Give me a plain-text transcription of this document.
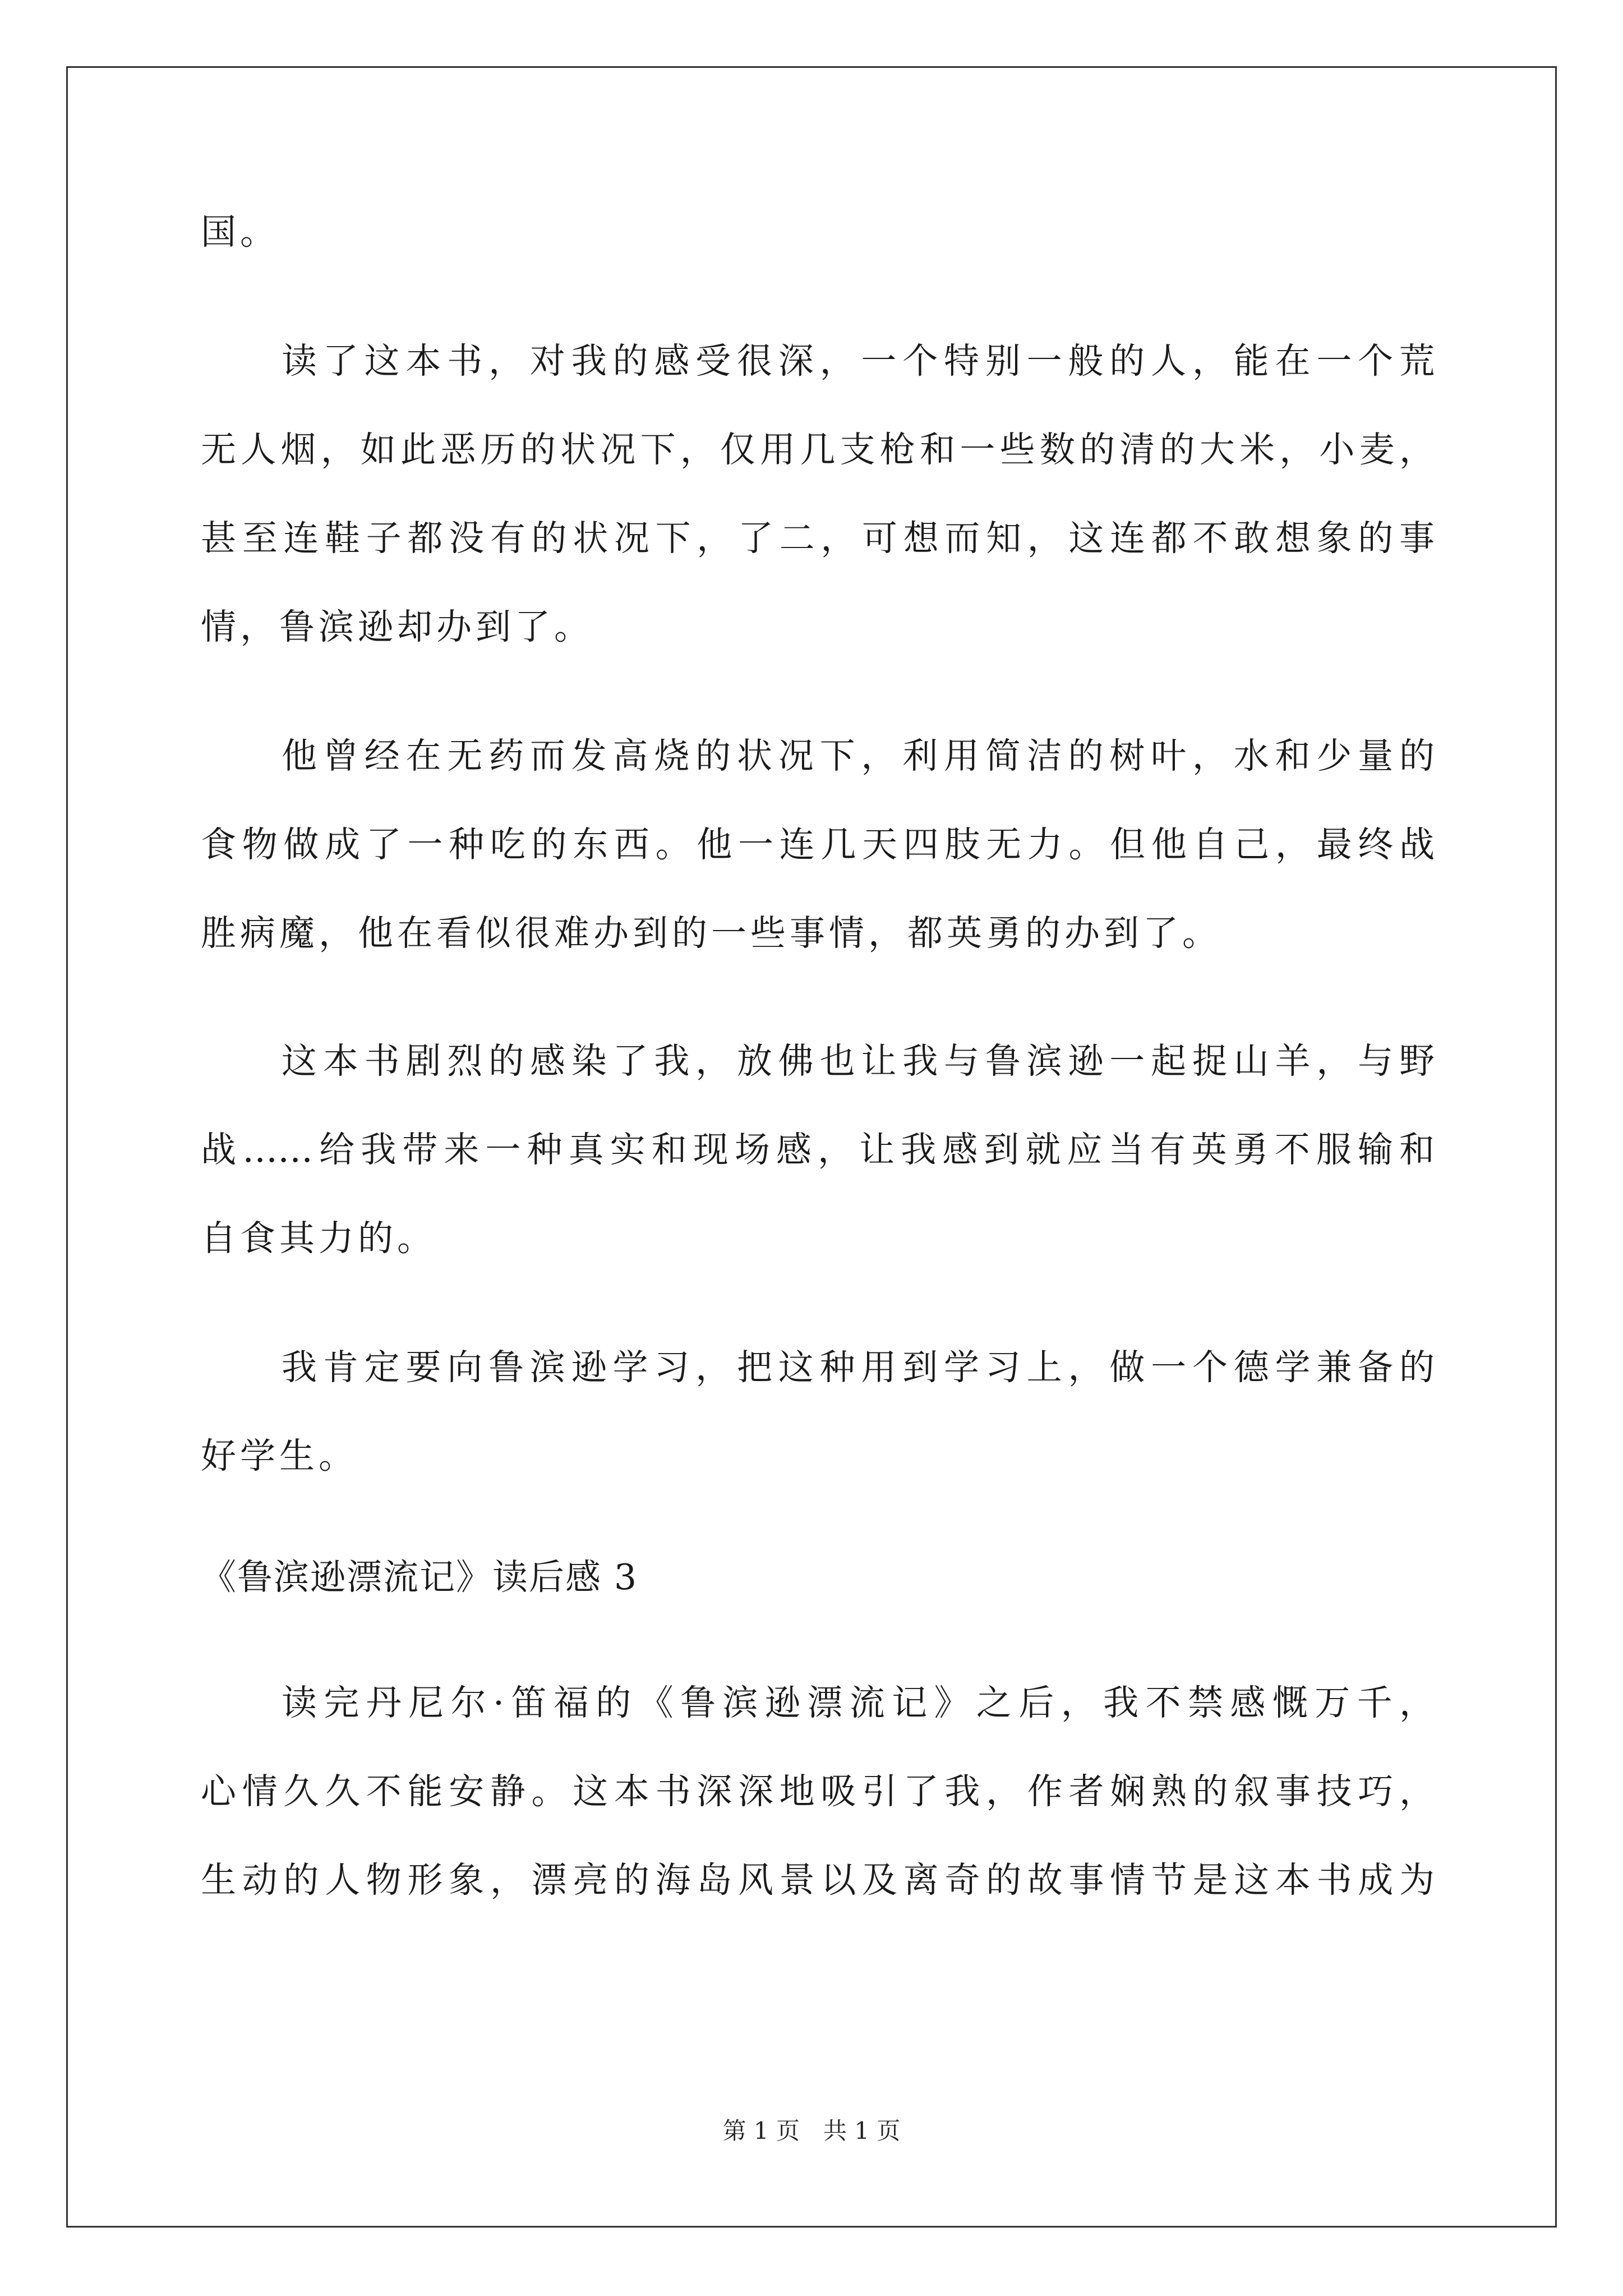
国。
读了这本书，对我的感受很深，一个特别一般的人，能在一个荒
无人烟，如此恶历的状况下，仅用几支枪和一些数的清的大米，小麦，
甚至连鞋子都没有的状况下，了二，可想而知，这连都不敢想象的事
情，鲁滨逊却办到了。
他曾经在无药而发高烧的状况下，利用简洁的树叶，水和少量的
食物做成了一种吃的东西。他一连几天四肢无力。但他自己，最终战
胜病魔，他在看似很难办到的一些事情，都英勇的办到了。
这本书剧烈的感染了我，放佛也让我与鲁滨逊一起捉山羊，与野
战……给我带来一种真实和现场感，让我感到就应当有英勇不服输和
自食其力的。
我肯定要向鲁滨逊学习，把这种用到学习上，做一个德学兼备的
好学生。
《鲁滨逊漂流记》读后感 3
读完丹尼尔·笛福的《鲁滨逊漂流记》之后，我不禁感慨万千，
心情久久不能安静。这本书深深地吸引了我，作者娴熟的叙事技巧，
生动的人物形象，漂亮的海岛风景以及离奇的故事情节是这本书成为
第 1 页　共 1 页
